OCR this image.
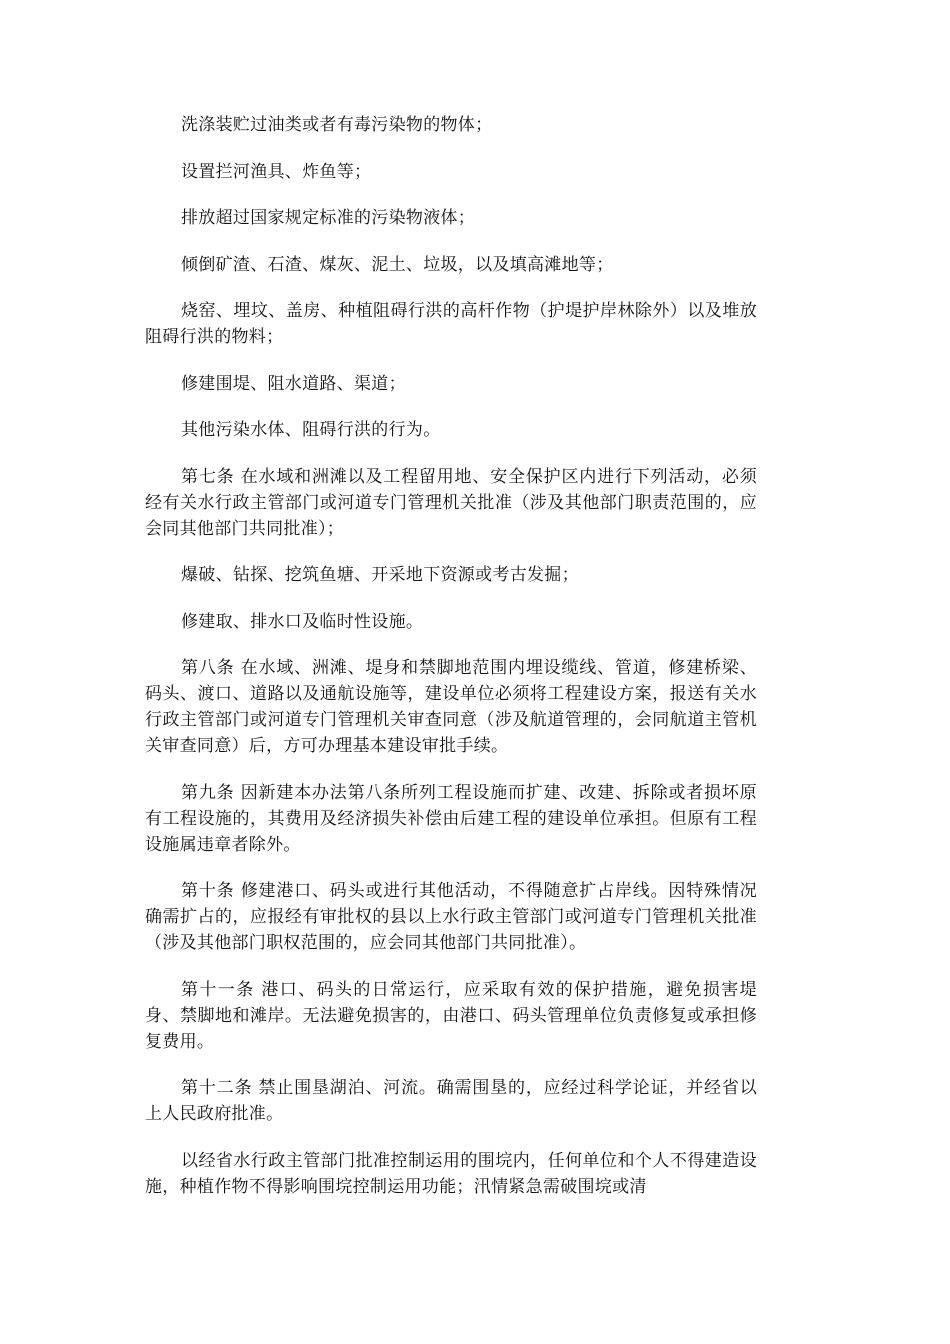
洗涤装贮过油类或者有毒污染物的物体；

设置拦河渔具、炸鱼等；

排放超过国家规定标准的污染物液体；

倾倒矿渣、石渣、煤灰、泥土、垃圾，以及填高滩地等；

烧窑、埋坟、盖房、种植阻碍行洪的高杆作物（护堤护岸林除外）以及堆放阻碍行洪的物料；

修建围堤、阻水道路、渠道；

其他污染水体、阻碍行洪的行为。

第七条 在水域和洲滩以及工程留用地、安全保护区内进行下列活动，必须经有关水行政主管部门或河道专门管理机关批准（涉及其他部门职责范围的，应会同其他部门共同批准）；

爆破、钻探、挖筑鱼塘、开采地下资源或考古发掘；

修建取、排水口及临时性设施。

第八条 在水域、洲滩、堤身和禁脚地范围内埋设缆线、管道，修建桥梁、码头、渡口、道路以及通航设施等，建设单位必须将工程建设方案，报送有关水行政主管部门或河道专门管理机关审查同意（涉及航道管理的，会同航道主管机关审查同意）后，方可办理基本建设审批手续。

第九条 因新建本办法第八条所列工程设施而扩建、改建、拆除或者损坏原有工程设施的，其费用及经济损失补偿由后建工程的建设单位承担。但原有工程设施属违章者除外。

第十条 修建港口、码头或进行其他活动，不得随意扩占岸线。因特殊情况确需扩占的，应报经有审批权的县以上水行政主管部门或河道专门管理机关批准（涉及其他部门职权范围的，应会同其他部门共同批准）。

第十一条 港口、码头的日常运行，应采取有效的保护措施，避免损害堤身、禁脚地和滩岸。无法避免损害的，由港口、码头管理单位负责修复或承担修复费用。

第十二条 禁止围垦湖泊、河流。确需围垦的，应经过科学论证，并经省以上人民政府批准。

以经省水行政主管部门批准控制运用的围垸内，任何单位和个人不得建造设施，种植作物不得影响围垸控制运用功能；汛情紧急需破围垸或清
